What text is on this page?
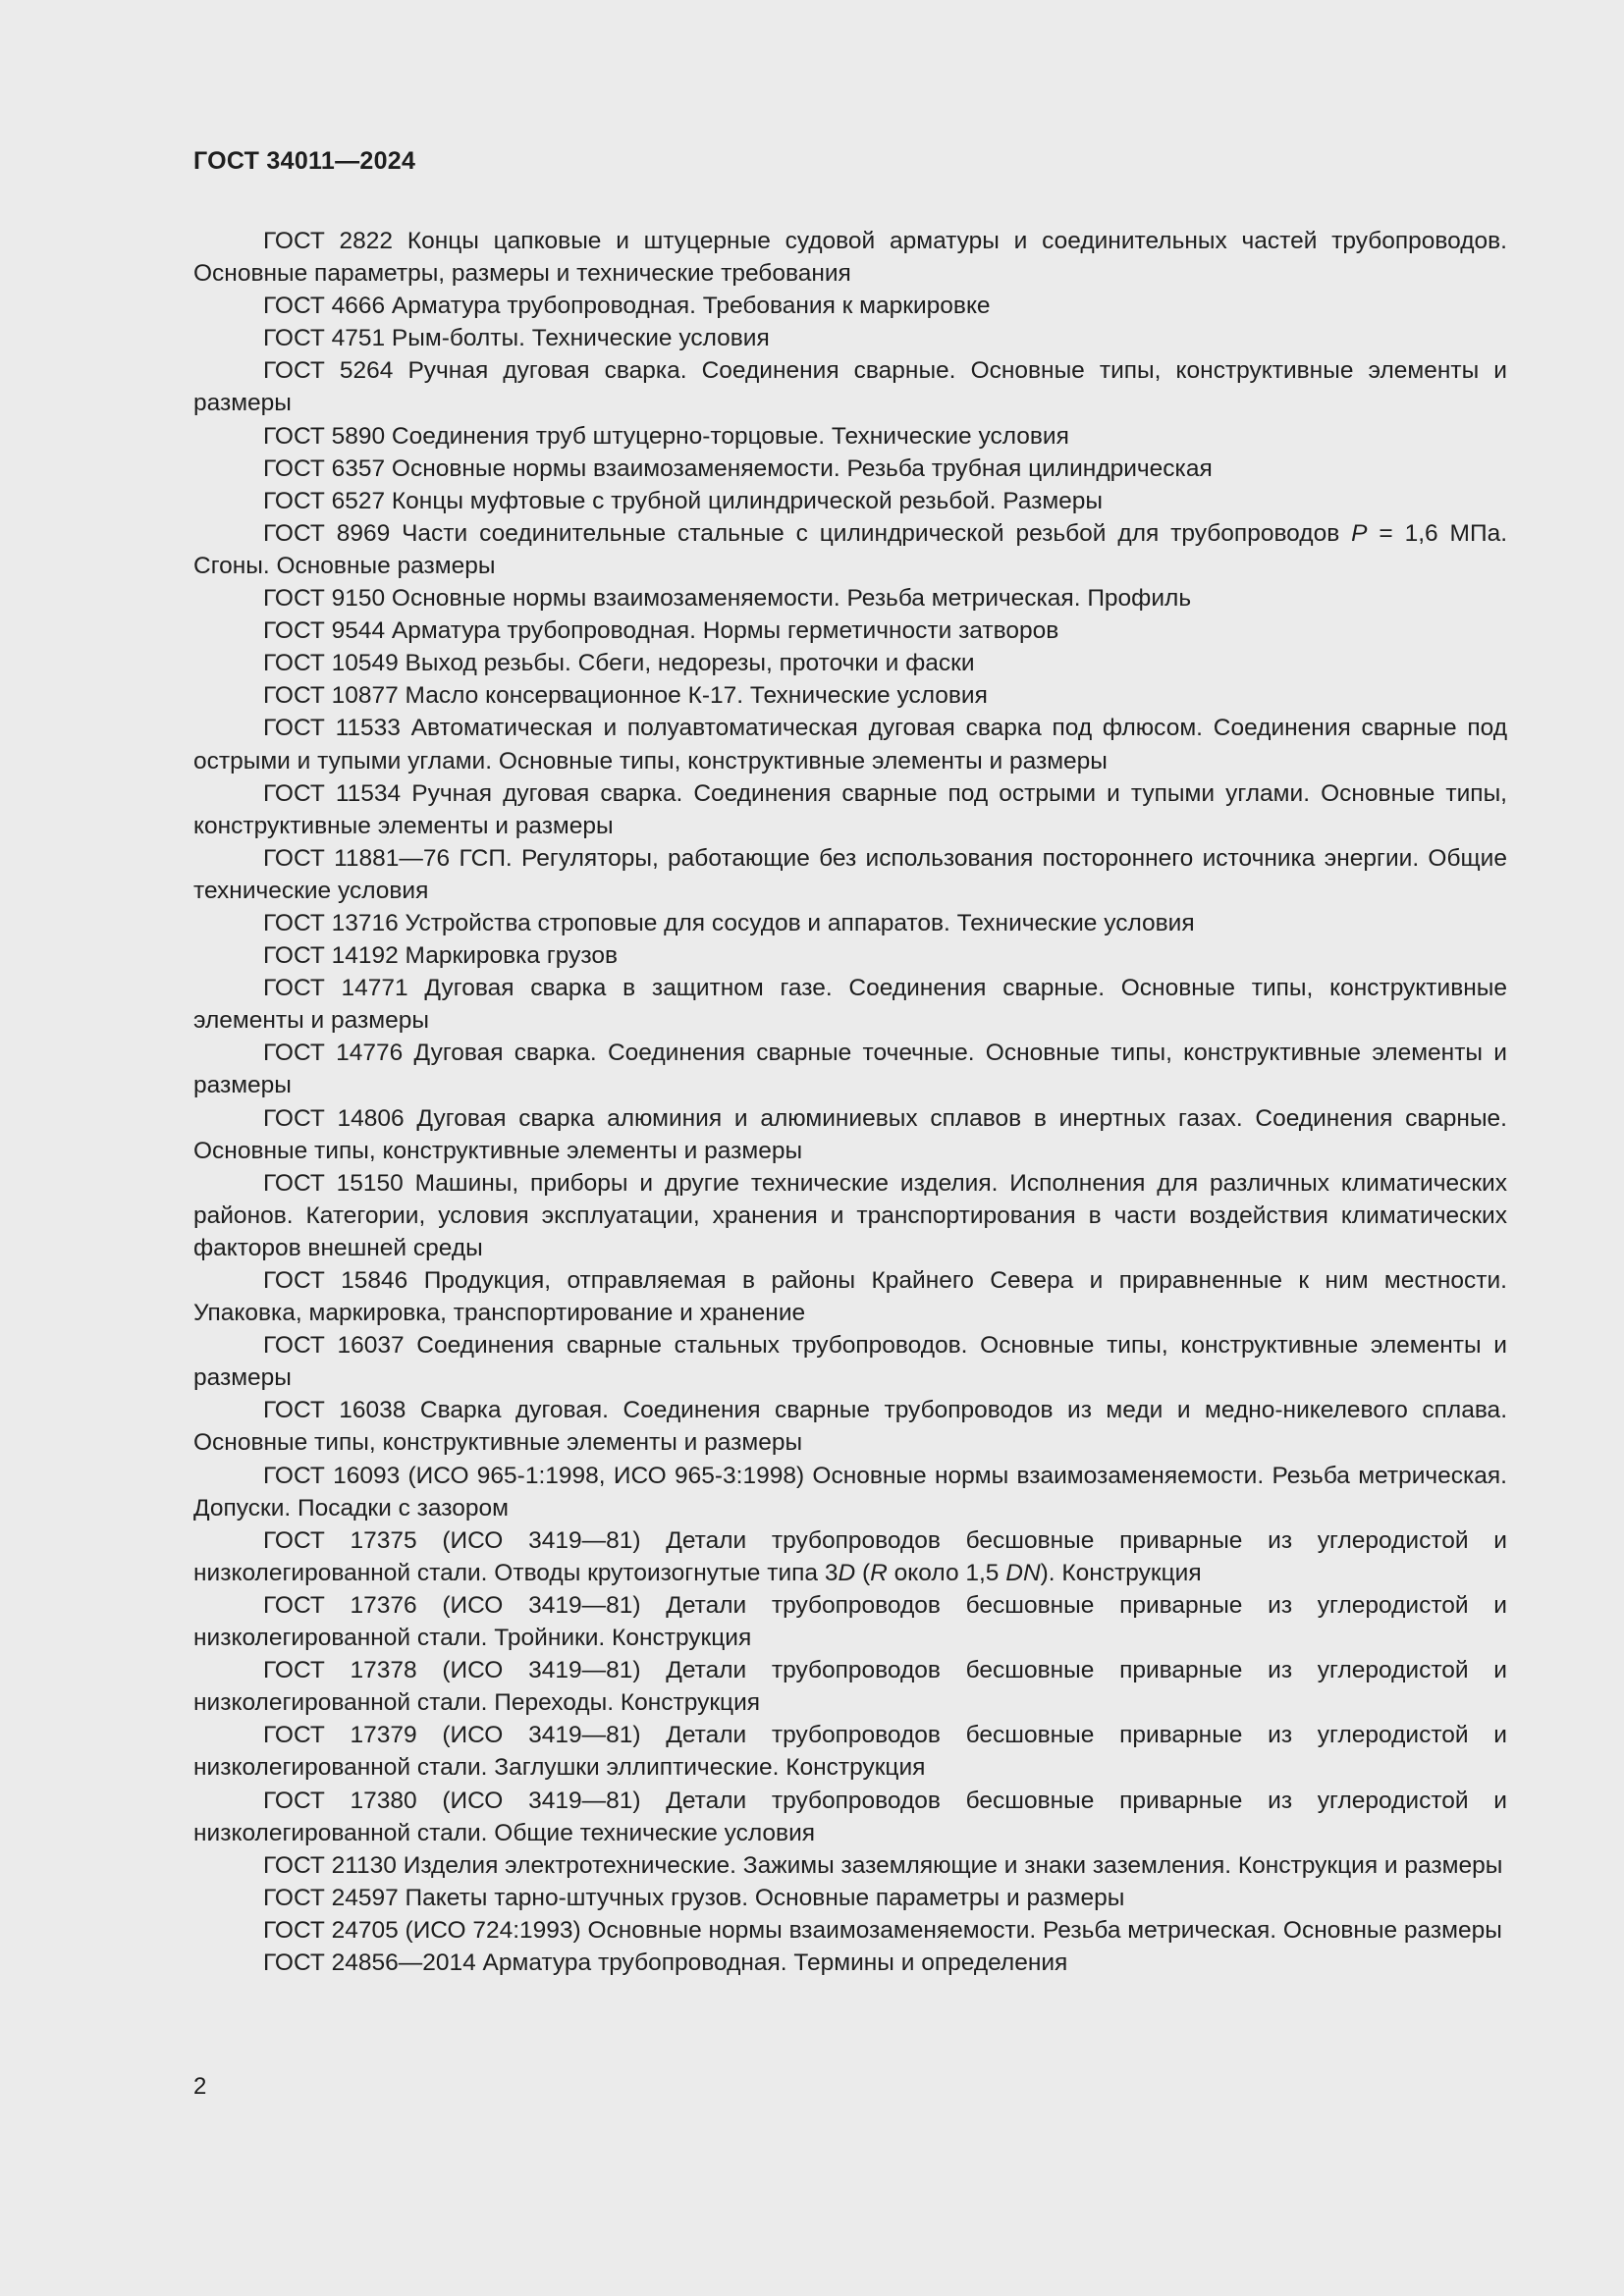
ГОСТ 34011—2024

ГОСТ 2822 Концы цапковые и штуцерные судовой арматуры и соединительных частей трубопроводов. Основные параметры, размеры и технические требования

ГОСТ 4666 Арматура трубопроводная. Требования к маркировке

ГОСТ 4751 Рым-болты. Технические условия

ГОСТ 5264 Ручная дуговая сварка. Соединения сварные. Основные типы, конструктивные элементы и размеры

ГОСТ 5890 Соединения труб штуцерно-торцовые. Технические условия

ГОСТ 6357 Основные нормы взаимозаменяемости. Резьба трубная цилиндрическая

ГОСТ 6527 Концы муфтовые с трубной цилиндрической резьбой. Размеры

ГОСТ 8969 Части соединительные стальные с цилиндрической резьбой для трубопроводов P = 1,6 МПа. Сгоны. Основные размеры

ГОСТ 9150 Основные нормы взаимозаменяемости. Резьба метрическая. Профиль

ГОСТ 9544 Арматура трубопроводная. Нормы герметичности затворов

ГОСТ 10549 Выход резьбы. Сбеги, недорезы, проточки и фаски

ГОСТ 10877 Масло консервационное К-17. Технические условия

ГОСТ 11533 Автоматическая и полуавтоматическая дуговая сварка под флюсом. Соединения сварные под острыми и тупыми углами. Основные типы, конструктивные элементы и размеры

ГОСТ 11534 Ручная дуговая сварка. Соединения сварные под острыми и тупыми углами. Основные типы, конструктивные элементы и размеры

ГОСТ 11881—76 ГСП. Регуляторы, работающие без использования постороннего источника энергии. Общие технические условия

ГОСТ 13716 Устройства строповые для сосудов и аппаратов. Технические условия

ГОСТ 14192 Маркировка грузов

ГОСТ 14771 Дуговая сварка в защитном газе. Соединения сварные. Основные типы, конструктивные элементы и размеры

ГОСТ 14776 Дуговая сварка. Соединения сварные точечные. Основные типы, конструктивные элементы и размеры

ГОСТ 14806 Дуговая сварка алюминия и алюминиевых сплавов в инертных газах. Соединения сварные. Основные типы, конструктивные элементы и размеры

ГОСТ 15150 Машины, приборы и другие технические изделия. Исполнения для различных климатических районов. Категории, условия эксплуатации, хранения и транспортирования в части воздействия климатических факторов внешней среды

ГОСТ 15846 Продукция, отправляемая в районы Крайнего Севера и приравненные к ним местности. Упаковка, маркировка, транспортирование и хранение

ГОСТ 16037 Соединения сварные стальных трубопроводов. Основные типы, конструктивные элементы и размеры

ГОСТ 16038 Сварка дуговая. Соединения сварные трубопроводов из меди и медно-никелевого сплава. Основные типы, конструктивные элементы и размеры

ГОСТ 16093 (ИСО 965-1:1998, ИСО 965-3:1998) Основные нормы взаимозаменяемости. Резьба метрическая. Допуски. Посадки с зазором

ГОСТ 17375 (ИСО 3419—81) Детали трубопроводов бесшовные приварные из углеродистой и низколегированной стали. Отводы крутоизогнутые типа 3D (R около 1,5 DN). Конструкция

ГОСТ 17376 (ИСО 3419—81) Детали трубопроводов бесшовные приварные из углеродистой и низколегированной стали. Тройники. Конструкция

ГОСТ 17378 (ИСО 3419—81) Детали трубопроводов бесшовные приварные из углеродистой и низколегированной стали. Переходы. Конструкция

ГОСТ 17379 (ИСО 3419—81) Детали трубопроводов бесшовные приварные из углеродистой и низколегированной стали. Заглушки эллиптические. Конструкция

ГОСТ 17380 (ИСО 3419—81) Детали трубопроводов бесшовные приварные из углеродистой и низколегированной стали. Общие технические условия

ГОСТ 21130 Изделия электротехнические. Зажимы заземляющие и знаки заземления. Конструкция и размеры

ГОСТ 24597 Пакеты тарно-штучных грузов. Основные параметры и размеры

ГОСТ 24705 (ИСО 724:1993) Основные нормы взаимозаменяемости. Резьба метрическая. Основные размеры

ГОСТ 24856—2014 Арматура трубопроводная. Термины и определения

2
